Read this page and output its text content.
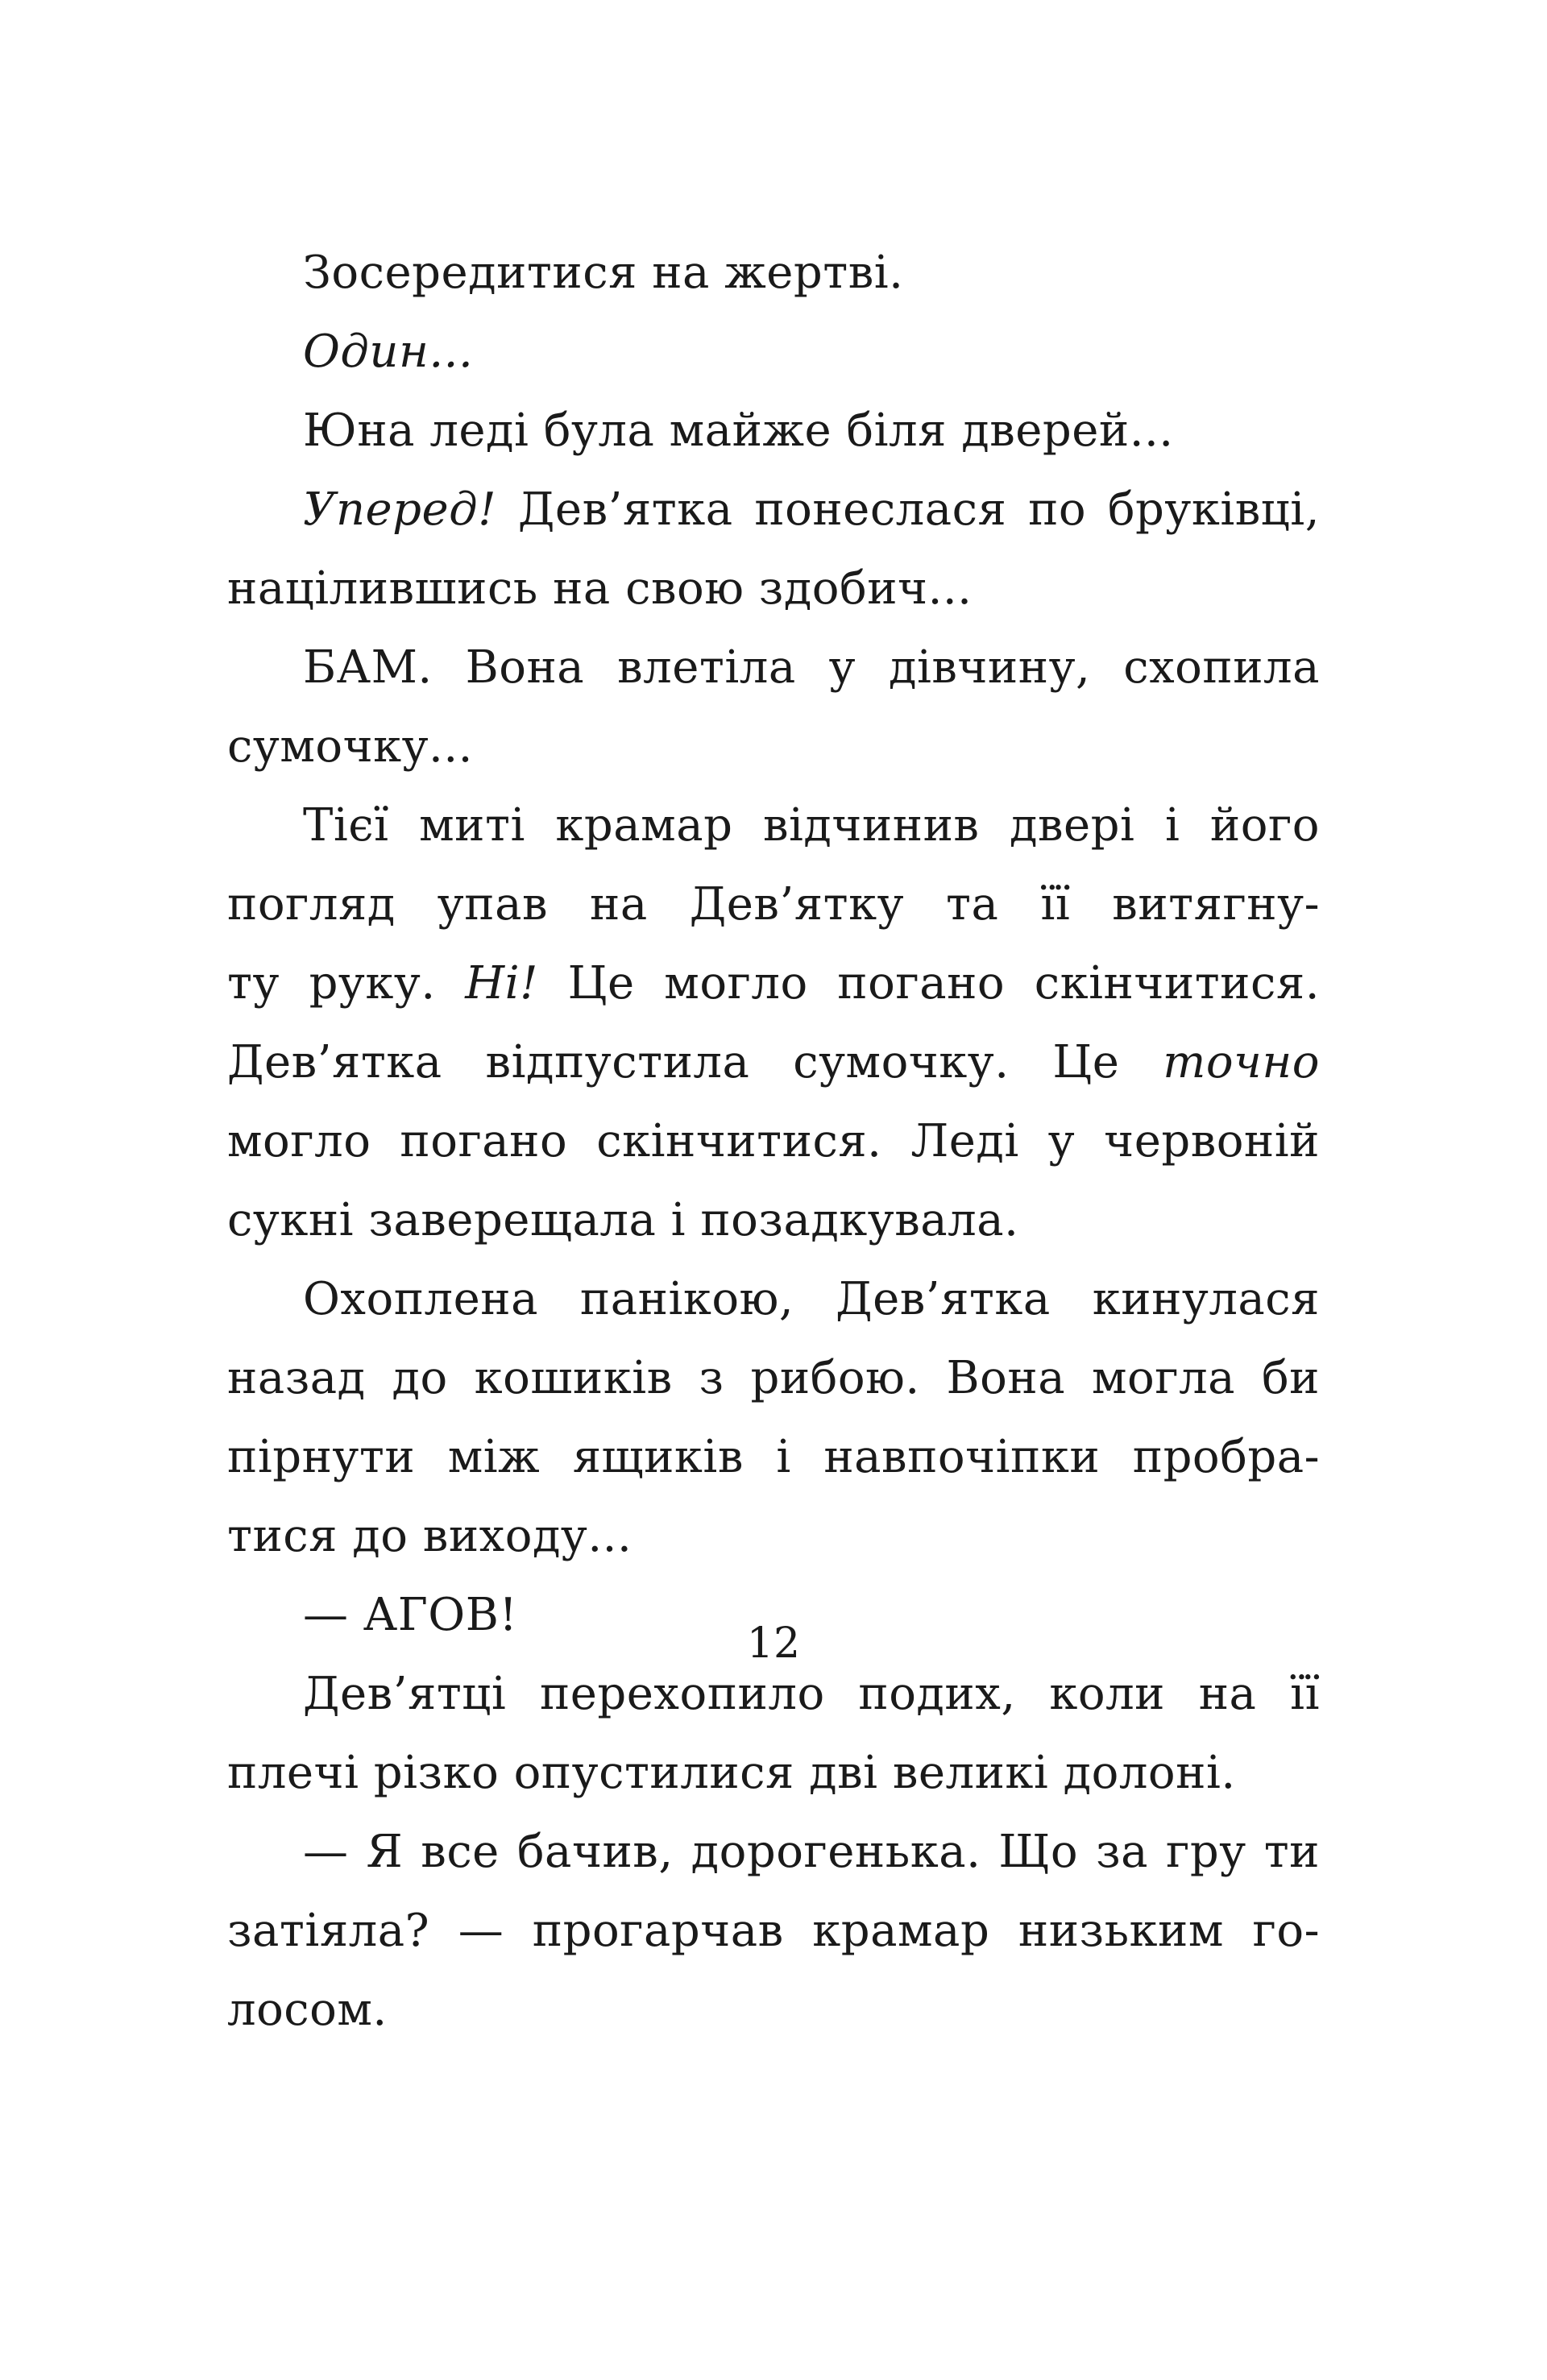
Зосередитися на жертві.
Один...
Юна леді була майже біля дверей...
Уперед! Дев’ятка понеслася по бруківці,
націлившись на свою здобич...
БАМ. Вона влетіла у дівчину, схопила
сумочку...
Тієї миті крамар відчинив двері і його
погляд упав на Дев’ятку та її витягну-
ту руку. Ні! Це могло погано скінчитися.
Дев’ятка відпустила сумочку. Це точно
могло погано скінчитися. Леді у червоній
сукні заверещала і позадкувала.
Охоплена панікою, Дев’ятка кинулася
назад до кошиків з рибою. Вона могла би
пірнути між ящиків і навпочіпки пробра-
тися до виходу...
— АГОВ!
Дев’ятці перехопило подих, коли на її
плечі різко опустилися дві великі долоні.
— Я все бачив, дорогенька. Що за гру ти
затіяла? — прогарчав крамар низьким го-
лосом.
12
